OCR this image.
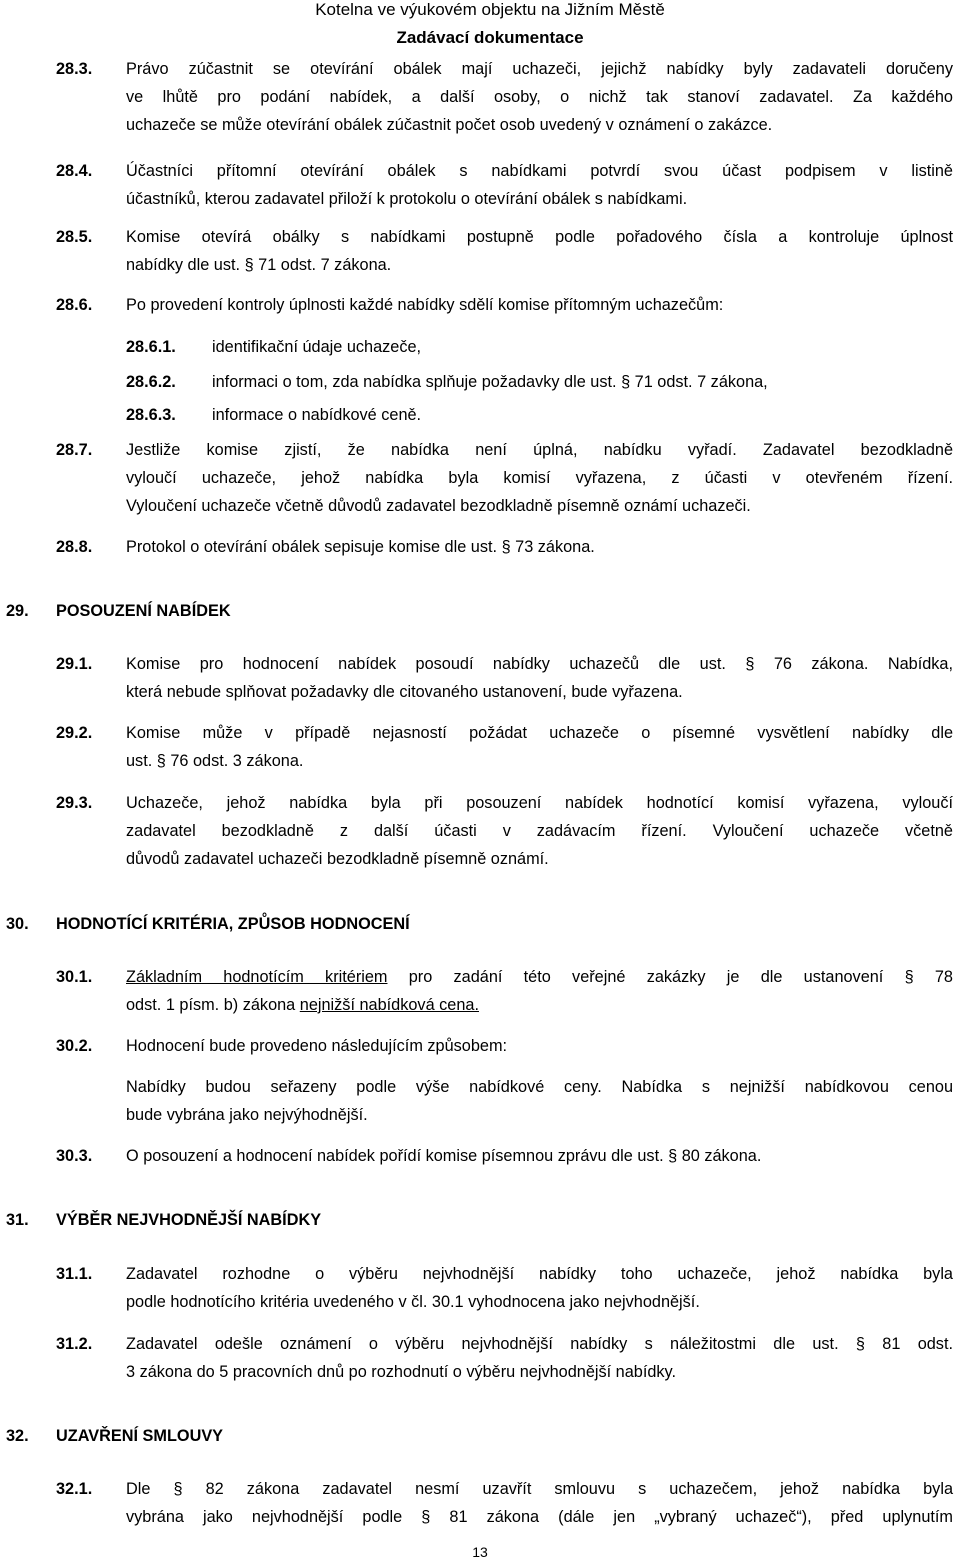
Kotelna ve výukovém objektu na Jižním Městě
Zadávací dokumentace
28.3. Právo zúčastnit se otevírání obálek mají uchazeči, jejichž nabídky byly zadavateli doručeny
ve lhůtě pro podání nabídek, a další osoby, o nichž tak stanoví zadavatel. Za každého
uchazeče se může otevírání obálek zúčastnit počet osob uvedený v oznámení o zakázce.
28.4. Účastníci přítomní otevírání obálek s nabídkami potvrdí svou účast podpisem v listině
účastníků, kterou zadavatel přiloží k protokolu o otevírání obálek s nabídkami.
28.5. Komise otevírá obálky s nabídkami postupně podle pořadového čísla a kontroluje úplnost
nabídky dle ust. § 71 odst. 7 zákona.
28.6. Po provedení kontroly úplnosti každé nabídky sdělí komise přítomným uchazečům:
28.6.1. identifikační údaje uchazeče,
28.6.2. informaci o tom, zda nabídka splňuje požadavky dle ust. § 71 odst. 7 zákona,
28.6.3. informace o nabídkové ceně.
28.7. Jestliže komise zjistí, že nabídka není úplná, nabídku vyřadí. Zadavatel bezodkladně
vyloučí uchazeče, jehož nabídka byla komisí vyřazena, z účasti v otevřeném řízení.
Vyloučení uchazeče včetně důvodů zadavatel bezodkladně písemně oznámí uchazeči.
28.8. Protokol o otevírání obálek sepisuje komise dle ust. § 73 zákona.
29. POSOUZENÍ NABÍDEK
29.1. Komise pro hodnocení nabídek posoudí nabídky uchazečů dle ust. § 76 zákona. Nabídka,
která nebude splňovat požadavky dle citovaného ustanovení, bude vyřazena.
29.2. Komise může v případě nejasností požádat uchazeče o písemné vysvětlení nabídky dle
ust. § 76 odst. 3 zákona.
29.3. Uchazeče, jehož nabídka byla při posouzení nabídek hodnotící komisí vyřazena, vyloučí
zadavatel bezodkladně z další účasti v zadávacím řízení. Vyloučení uchazeče včetně
důvodů zadavatel uchazeči bezodkladně písemně oznámí.
30. HODNOTÍCÍ KRITÉRIA, ZPŮSOB HODNOCENÍ
30.1. Základním hodnotícím kritériem pro zadání této veřejné zakázky je dle ustanovení § 78
odst. 1 písm. b) zákona nejnižší nabídková cena.
30.2. Hodnocení bude provedeno následujícím způsobem:
Nabídky budou seřazeny podle výše nabídkové ceny. Nabídka s nejnižší nabídkovou cenou
bude vybrána jako nejvýhodnější.
30.3. O posouzení a hodnocení nabídek pořídí komise písemnou zprávu dle ust. § 80 zákona.
31. VÝBĚR NEJVHODNĚJŠÍ NABÍDKY
31.1. Zadavatel rozhodne o výběru nejvhodnější nabídky toho uchazeče, jehož nabídka byla
podle hodnotícího kritéria uvedeného v čl. 30.1 vyhodnocena jako nejvhodnější.
31.2. Zadavatel odešle oznámení o výběru nejvhodnější nabídky s náležitostmi dle ust. § 81 odst.
3 zákona do 5 pracovních dnů po rozhodnutí o výběru nejvhodnější nabídky.
32. UZAVŘENÍ SMLOUVY
32.1. Dle § 82 zákona zadavatel nesmí uzavřít smlouvu s uchazečem, jehož nabídka byla
vybrána jako nejvhodnější podle § 81 zákona (dále jen „vybraný uchazeč“), před uplynutím
13
